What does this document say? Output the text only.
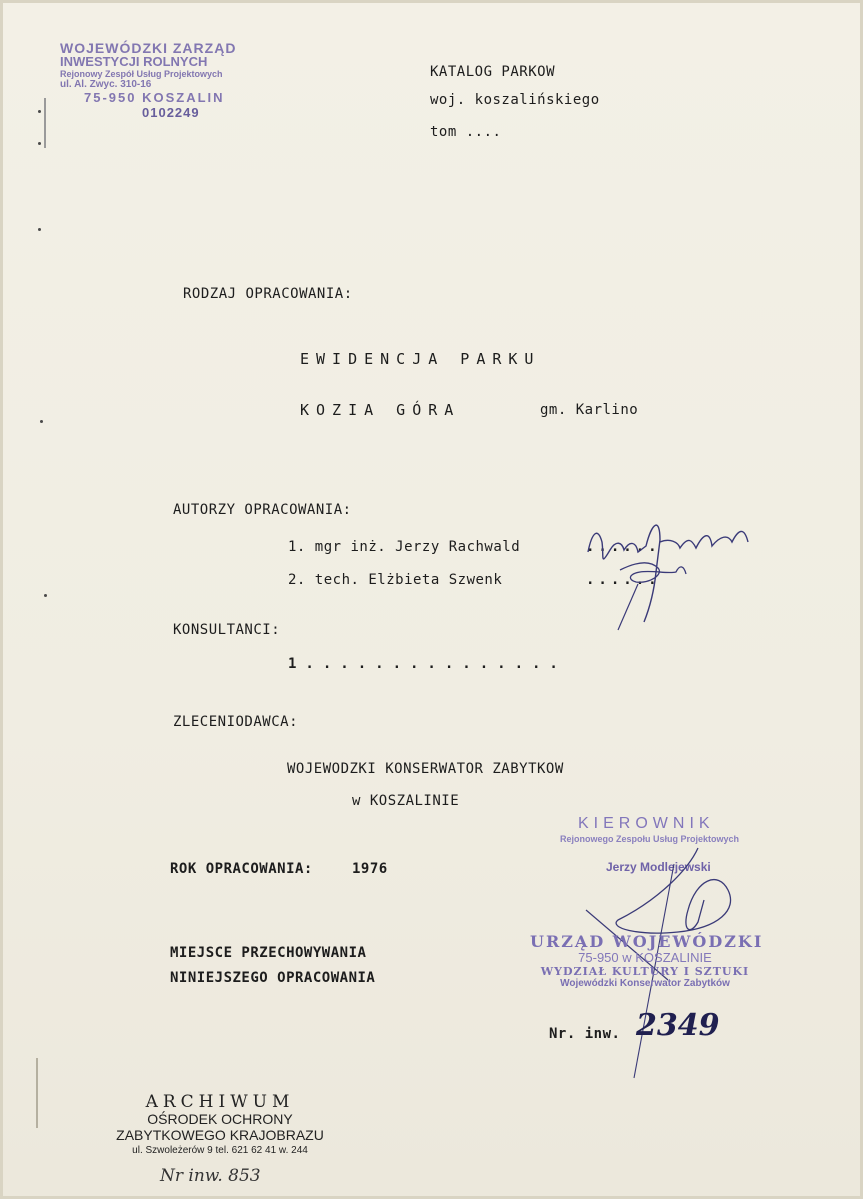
WOJEWÓDZKI ZARZĄD
INWESTYCJI ROLNYCH
Rejonowy Zespół Usług Projektowych
ul. Al. Zwyc. 310-16
75-950 KOSZALIN
0102249
KATALOG PARKOW
woj. koszalińskiego
tom ....
RODZAJ OPRACOWANIA:
EWIDENCJA PARKU
KOZIA GÓRA	gm. Karlino
AUTORZY OPRACOWANIA:
1. mgr inż. Jerzy Rachwald	......
2. tech. Elżbieta Szwenk	......
KONSULTANCI:
1...............
ZLECENIODAWCA:
WOJEWODZKI KONSERWATOR ZABYTKOW
w KOSZALINIE
ROK OPRACOWANIA:	1976
MIEJSCE PRZECHOWYWANIA
NINIEJSZEGO OPRACOWANIA
KIEROWNIK
Rejonowego Zespołu Usług Projektowych
Jerzy Modlejewski
URZĄD WOJEWÓDZKI
75-950 w KOSZALINIE
WYDZIAŁ KULTURY I SZTUKI
Wojewódzki Konserwator Zabytków
Nr. inw. 2349
ARCHIWUM
OŚRODEK OCHRONY
ZABYTKOWEGO KRAJOBRAZU
ul. Szwoleżerów 9 tel. 621 62 41 w. 244
Nr inw. 853
